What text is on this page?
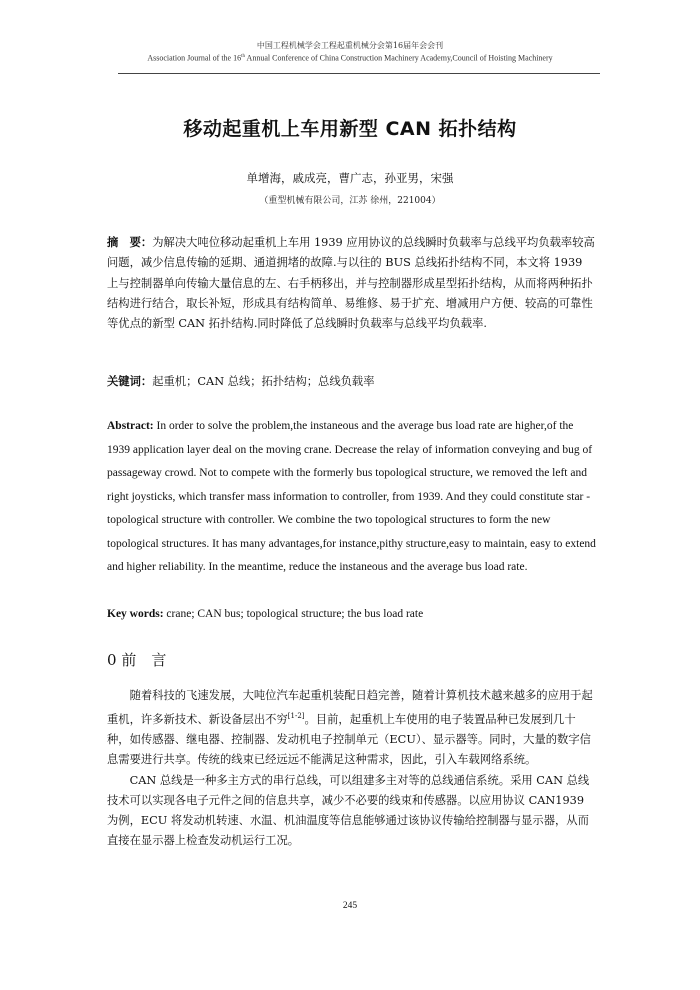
中国工程机械学会工程起重机械分会第16届年会会刊
Association Journal of the 16th Annual Conference of China Construction Machinery Academy,Council of Hoisting Machinery
移动起重机上车用新型 CAN 拓扑结构
单增海，戚成亮，曹广志，孙亚男，宋强
（重型机械有限公司，江苏 徐州，221004）
摘　要：为解决大吨位移动起重机上车用 1939 应用协议的总线瞬时负载率与总线平均负载率较高问题，减少信息传输的延期、通道拥堵的故障.与以往的 BUS 总线拓扑结构不同，本文将 1939 上与控制器单向传输大量信息的左、右手柄移出，并与控制器形成星型拓扑结构，从而将两种拓扑结构进行结合，取长补短，形成具有结构简单、易维修、易于扩充、增减用户方便、较高的可靠性等优点的新型 CAN 拓扑结构.同时降低了总线瞬时负载率与总线平均负载率.
关键词：起重机；CAN 总线；拓扑结构；总线负载率
Abstract: In order to solve the problem,the instaneous and the average bus load rate are higher,of the 1939 application layer deal on the moving crane. Decrease the relay of information conveying and bug of passageway crowd. Not to compete with the formerly bus topological structure, we removed the left and right joysticks, which transfer mass information to controller, from 1939. And they could constitute star - topological structure with controller. We combine the two topological structures to form the new topological structures. It has many advantages,for instance,pithy structure,easy to maintain, easy to extend and higher reliability. In the meantime, reduce the instaneous and the average bus load rate.
Key words: crane; CAN bus; topological structure; the bus load rate
0 前　言

随着科技的飞速发展，大吨位汽车起重机装配日趋完善，随着计算机技术越来越多的应用于起重机，许多新技术、新设备层出不穷[1-2]。目前，起重机上车使用的电子装置品种已发展到几十种，如传感器、继电器、控制器、发动机电子控制单元（ECU）、显示器等。同时，大量的数字信息需要进行共享。传统的线束已经远远不能满足这种需求，因此，引入车载网络系统。

CAN 总线是一种多主方式的串行总线，可以组建多主对等的总线通信系统。采用 CAN 总线技术可以实现各电子元件之间的信息共享，减少不必要的线束和传感器。以应用协议 CAN1939 为例，ECU 将发动机转速、水温、机油温度等信息能够通过该协议传输给控制器与显示器，从而直接在显示器上检查发动机运行工况。

245
